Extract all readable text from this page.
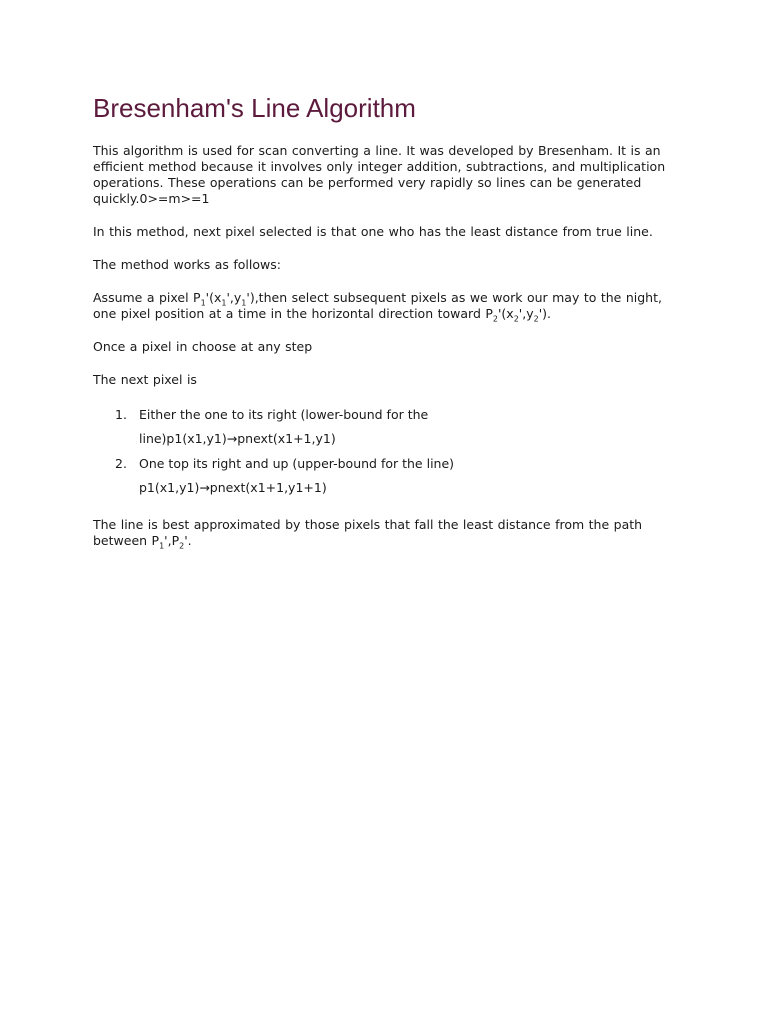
Bresenham's Line Algorithm

This algorithm is used for scan converting a line. It was developed by Bresenham. It is an efficient method because it involves only integer addition, subtractions, and multiplication operations. These operations can be performed very rapidly so lines can be generated quickly.0>=m>=1

In this method, next pixel selected is that one who has the least distance from true line.

The method works as follows:

Assume a pixel $P_1'(x_1',y_1'),then$ select subsequent pixels as we work our may to the night, one pixel position at a time in the horizontal direction toward $P_2'(x_2',y_2')$.

Once a pixel in choose at any step

The next pixel is

1. Either the one to its right (lower-bound for the line)p1(x1,y1)→pnext(x1+1,y1)
2. One top its right and up (upper-bound for the line)
p1(x1,y1)→pnext(x1+1,y1+1)

The line is best approximated by those pixels that fall the least distance from the path between $P_1',P_2'$.
